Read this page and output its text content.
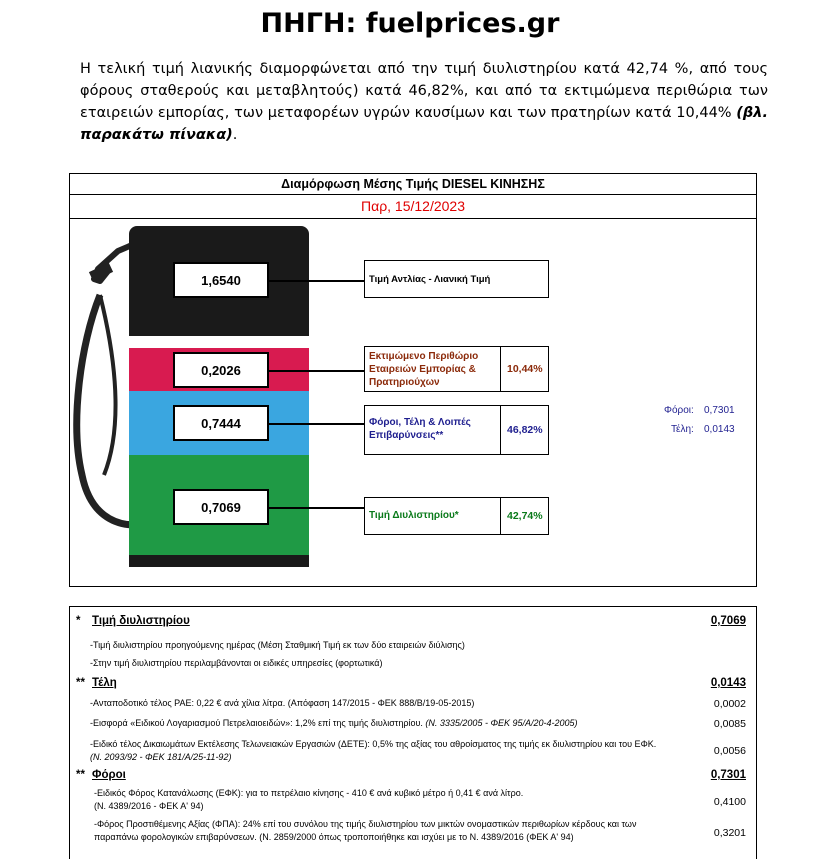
ΠΗΓΗ: fuelprices.gr
Η τελική τιμή λιανικής διαμορφώνεται από την τιμή διυλιστηρίου κατά 42,74 %, από τους φόρους σταθερούς και μεταβλητούς) κατά 46,82%, και από τα εκτιμώμενα περιθώρια των εταιρειών εμπορίας, των μεταφορέων υγρών καυσίμων και των πρατηρίων κατά 10,44% (βλ. παρακάτω πίνακα).
Διαμόρφωση Μέσης Τιμής DIESEL ΚΙΝΗΣΗΣ
Παρ, 15/12/2023
1,6540
0,2026
0,7444
0,7069
Τιμή Αντλίας - Λιανική Τιμή
Εκτιμώμενο Περιθώριο Εταιρειών Εμπορίας & Πρατηριούχων
10,44%
Φόροι, Τέλη & Λοιπές Επιβαρύνσεις**	46,82%
Τιμή Διυλιστηρίου*	42,74%
Φόροι: 0,7301
Τέλη: 0,0143
* Τιμή διυλιστηρίου	0,7069
-Τιμή διυλιστηρίου προηγούμενης ημέρας (Μέση Σταθμική Τιμή εκ των δύο εταιρειών διύλισης)
-Στην τιμή διυλιστηρίου περιλαμβάνονται οι ειδικές υπηρεσίες (φορτωτικά)
** Τέλη	0,0143
-Ανταποδοτικό τέλος ΡΑΕ: 0,22 € ανά χίλια λίτρα. (Απόφαση 147/2015 - ΦΕΚ 888/Β/19-05-2015)	0,0002
-Εισφορά «Ειδικού Λογαριασμού Πετρελαιοειδών»: 1,2% επί της τιμής διυλιστηρίου. (Ν. 3335/2005 - ΦΕΚ 95/Α/20-4-2005)	0,0085
-Ειδικό τέλος Δικαιωμάτων Εκτέλεσης Τελωνειακών Εργασιών (ΔΕΤΕ): 0,5% της αξίας του αθροίσματος της τιμής εκ διυλιστηρίου και του ΕΦΚ.
(Ν. 2093/92 - ΦΕΚ 181/Α/25-11-92)	0,0056
** Φόροι	0,7301
-Ειδικός Φόρος Κατανάλωσης (ΕΦΚ): για το πετρέλαιο κίνησης - 410 € ανά κυβικό μέτρο ή 0,41 € ανά λίτρο.
(Ν. 4389/2016 - ΦΕΚ Α' 94)	0,4100
-Φόρος Προστιθέμενης Αξίας (ΦΠΑ): 24% επί του συνόλου της τιμής διυλιστηρίου των μικτών ονομαστικών περιθωρίων κέρδους και των
παραπάνω φορολογικών επιβαρύνσεων. (Ν. 2859/2000 όπως τροποποιήθηκε και ισχύει με το Ν. 4389/2016 (ΦΕΚ Α' 94)	0,3201
